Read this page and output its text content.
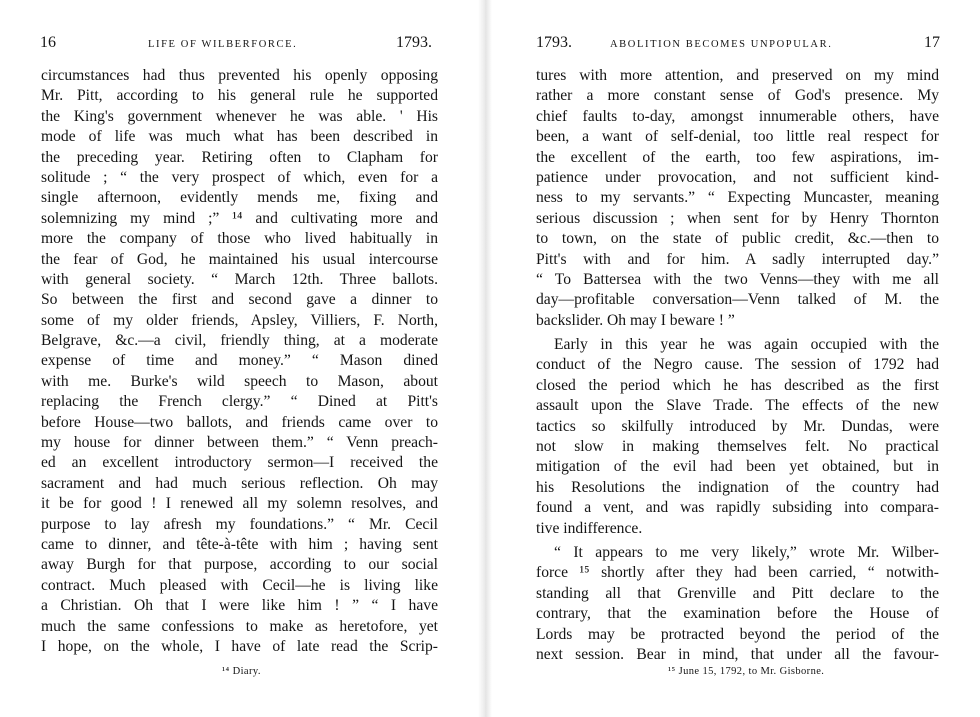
16	LIFE OF WILBERFORCE.	1793.
circumstances had thus prevented his openly opposing
Mr. Pitt, according to his general rule he supported
the King's government whenever he was able. ' His
mode of life was much what has been described in
the preceding year. Retiring often to Clapham for
solitude ; “ the very prospect of which, even for a
single afternoon, evidently mends me, fixing and
solemnizing my mind ;” ¹⁴ and cultivating more and
more the company of those who lived habitually in
the fear of God, he maintained his usual intercourse
with general society. “ March 12th. Three ballots.
So between the first and second gave a dinner to
some of my older friends, Apsley, Villiers, F. North,
Belgrave, &c.—a civil, friendly thing, at a moderate
expense of time and money.” “ Mason dined
with me. Burke's wild speech to Mason, about
replacing the French clergy.” “ Dined at Pitt's
before House—two ballots, and friends came over to
my house for dinner between them.” “ Venn preach-
ed an excellent introductory sermon—I received the
sacrament and had much serious reflection. Oh may
it be for good ! I renewed all my solemn resolves, and
purpose to lay afresh my foundations.” “ Mr. Cecil
came to dinner, and tête-à-tête with him ; having sent
away Burgh for that purpose, according to our social
contract. Much pleased with Cecil—he is living like
a Christian. Oh that I were like him ! ” “ I have
much the same confessions to make as heretofore, yet
I hope, on the whole, I have of late read the Scrip-
¹⁴ Diary.
1793.	ABOLITION BECOMES UNPOPULAR.	17
tures with more attention, and preserved on my mind
rather a more constant sense of God's presence. My
chief faults to-day, amongst innumerable others, have
been, a want of self-denial, too little real respect for
the excellent of the earth, too few aspirations, im-
patience under provocation, and not sufficient kind-
ness to my servants.” “ Expecting Muncaster, meaning
serious discussion ; when sent for by Henry Thornton
to town, on the state of public credit, &c.—then to
Pitt's with and for him. A sadly interrupted day.”
“ To Battersea with the two Venns—they with me all
day—profitable conversation—Venn talked of M. the
backslider. Oh may I beware ! ”
Early in this year he was again occupied with the
conduct of the Negro cause. The session of 1792 had
closed the period which he has described as the first
assault upon the Slave Trade. The effects of the new
tactics so skilfully introduced by Mr. Dundas, were
not slow in making themselves felt. No practical
mitigation of the evil had been yet obtained, but in
his Resolutions the indignation of the country had
found a vent, and was rapidly subsiding into compara-
tive indifference.
“ It appears to me very likely,” wrote Mr. Wilber-
force ¹⁵ shortly after they had been carried, “ notwith-
standing all that Grenville and Pitt declare to the
contrary, that the examination before the House of
Lords may be protracted beyond the period of the
next session. Bear in mind, that under all the favour-
¹⁵ June 15, 1792, to Mr. Gisborne.
